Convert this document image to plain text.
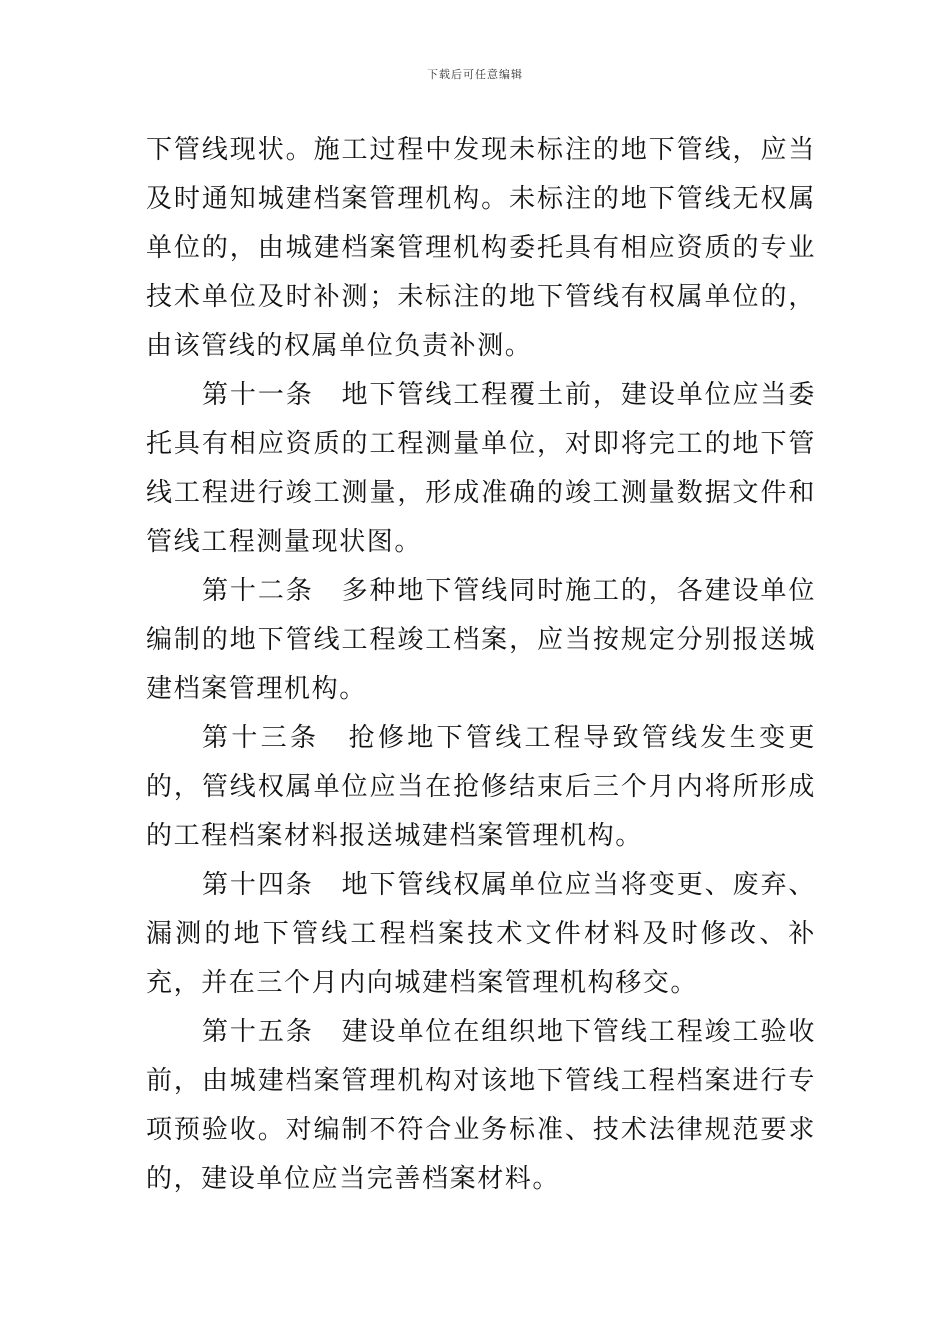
下载后可任意编辑

下管线现状。施工过程中发现未标注的地下管线，应当及时通知城建档案管理机构。未标注的地下管线无权属单位的，由城建档案管理机构委托具有相应资质的专业技术单位及时补测；未标注的地下管线有权属单位的，由该管线的权属单位负责补测。

第十一条　地下管线工程覆土前，建设单位应当委托具有相应资质的工程测量单位，对即将完工的地下管线工程进行竣工测量，形成准确的竣工测量数据文件和管线工程测量现状图。

第十二条　多种地下管线同时施工的，各建设单位编制的地下管线工程竣工档案，应当按规定分别报送城建档案管理机构。

第十三条　抢修地下管线工程导致管线发生变更的，管线权属单位应当在抢修结束后三个月内将所形成的工程档案材料报送城建档案管理机构。

第十四条　地下管线权属单位应当将变更、废弃、漏测的地下管线工程档案技术文件材料及时修改、补充，并在三个月内向城建档案管理机构移交。

第十五条　建设单位在组织地下管线工程竣工验收前，由城建档案管理机构对该地下管线工程档案进行专项预验收。对编制不符合业务标准、技术法律规范要求的，建设单位应当完善档案材料。
